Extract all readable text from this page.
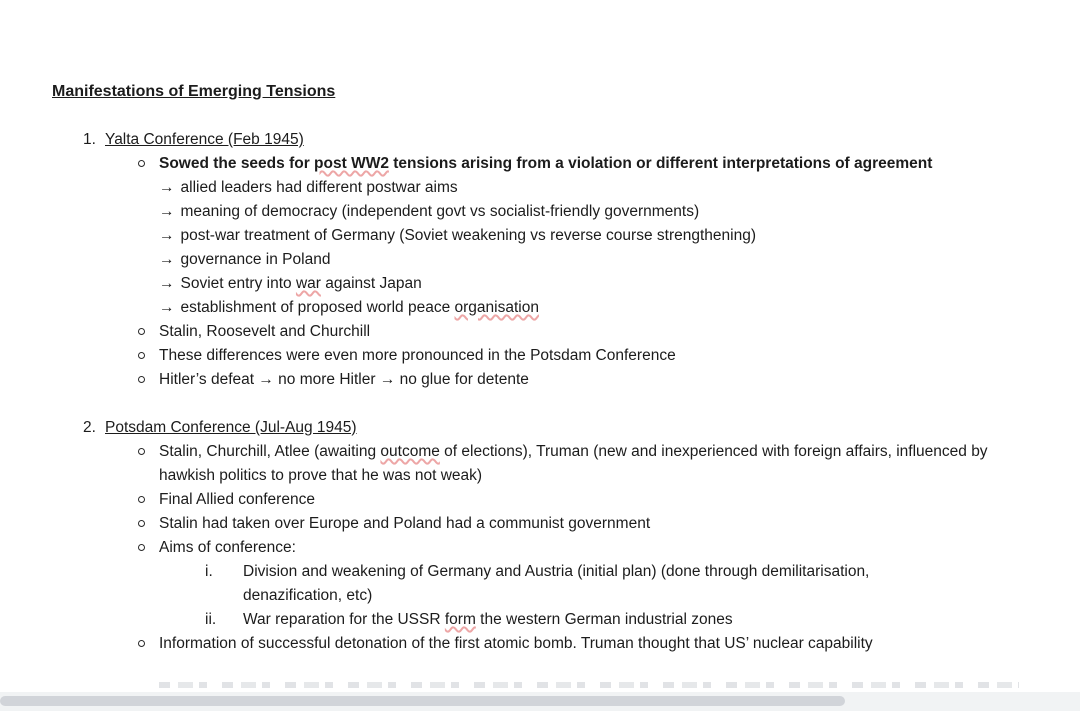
Manifestations of Emerging Tensions
1. Yalta Conference (Feb 1945)
Sowed the seeds for post WW2 tensions arising from a violation or different interpretations of agreement
→ allied leaders had different postwar aims
→ meaning of democracy (independent govt vs socialist-friendly governments)
→ post-war treatment of Germany (Soviet weakening vs reverse course strengthening)
→ governance in Poland
→ Soviet entry into war against Japan
→ establishment of proposed world peace organisation
Stalin, Roosevelt and Churchill
These differences were even more pronounced in the Potsdam Conference
Hitler’s defeat → no more Hitler → no glue for detente
2. Potsdam Conference (Jul-Aug 1945)
Stalin, Churchill, Atlee (awaiting outcome of elections), Truman (new and inexperienced with foreign affairs, influenced by hawkish politics to prove that he was not weak)
Final Allied conference
Stalin had taken over Europe and Poland had a communist government
Aims of conference:
i.	Division and weakening of Germany and Austria (initial plan) (done through demilitarisation, denazification, etc)
ii.	War reparation for the USSR form the western German industrial zones
Information of successful detonation of the first atomic bomb. Truman thought that US’ nuclear capability
